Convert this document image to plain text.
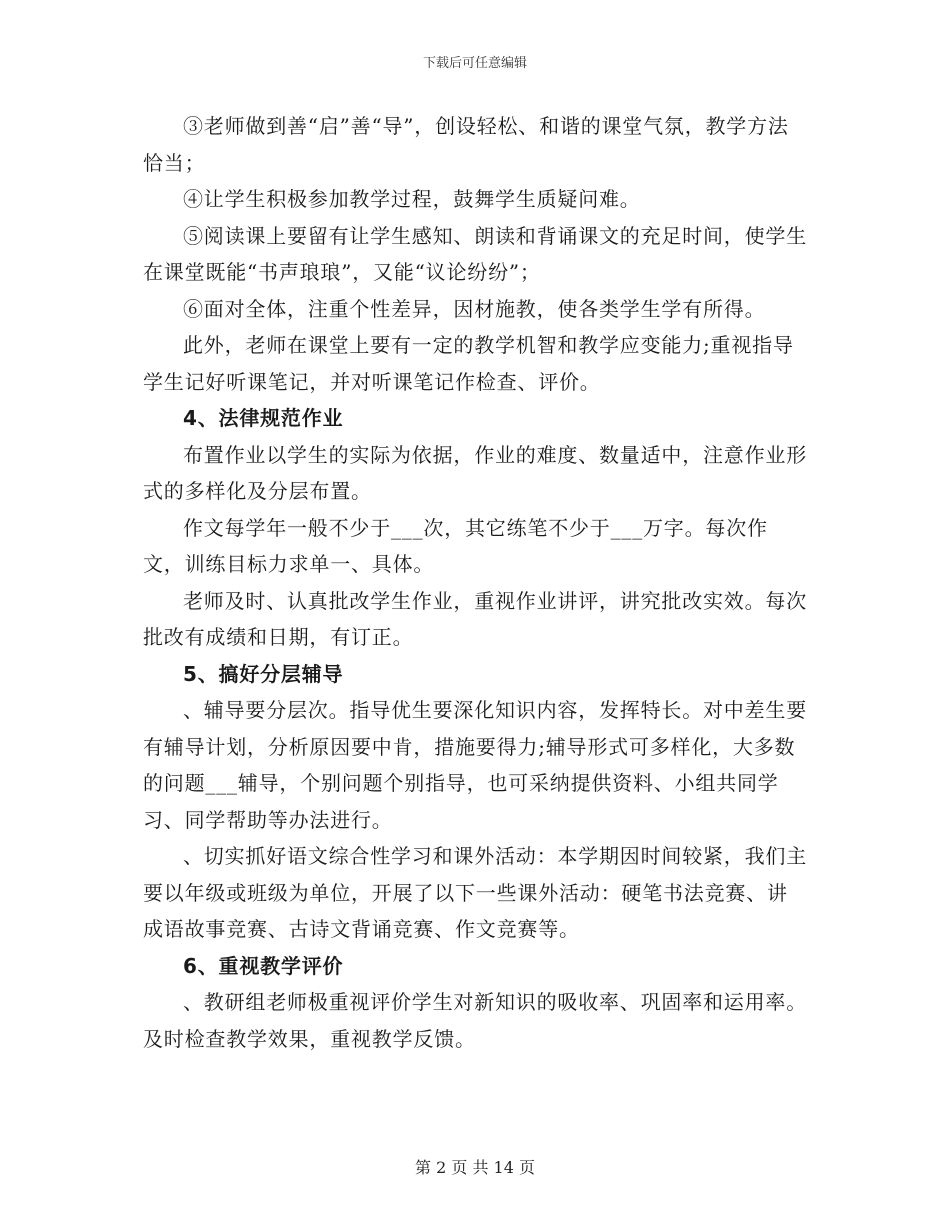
下载后可任意编辑

③老师做到善“启”善“导”，创设轻松、和谐的课堂气氛，教学方法恰当；

④让学生积极参加教学过程，鼓舞学生质疑问难。

⑤阅读课上要留有让学生感知、朗读和背诵课文的充足时间，使学生在课堂既能“书声琅琅”，又能“议论纷纷”；

⑥面对全体，注重个性差异，因材施教，使各类学生学有所得。

此外，老师在课堂上要有一定的教学机智和教学应变能力;重视指导学生记好听课笔记，并对听课笔记作检查、评价。

4、法律规范作业

布置作业以学生的实际为依据，作业的难度、数量适中，注意作业形式的多样化及分层布置。

作文每学年一般不少于___次，其它练笔不少于___万字。每次作文，训练目标力求单一、具体。

老师及时、认真批改学生作业，重视作业讲评，讲究批改实效。每次批改有成绩和日期，有订正。

5、搞好分层辅导

、辅导要分层次。指导优生要深化知识内容，发挥特长。对中差生要有辅导计划，分析原因要中肯，措施要得力;辅导形式可多样化，大多数的问题___辅导，个别问题个别指导，也可采纳提供资料、小组共同学习、同学帮助等办法进行。

、切实抓好语文综合性学习和课外活动：本学期因时间较紧，我们主要以年级或班级为单位，开展了以下一些课外活动：硬笔书法竞赛、讲成语故事竞赛、古诗文背诵竞赛、作文竞赛等。

6、重视教学评价

、教研组老师极重视评价学生对新知识的吸收率、巩固率和运用率。及时检查教学效果，重视教学反馈。

第 2 页 共 14 页
